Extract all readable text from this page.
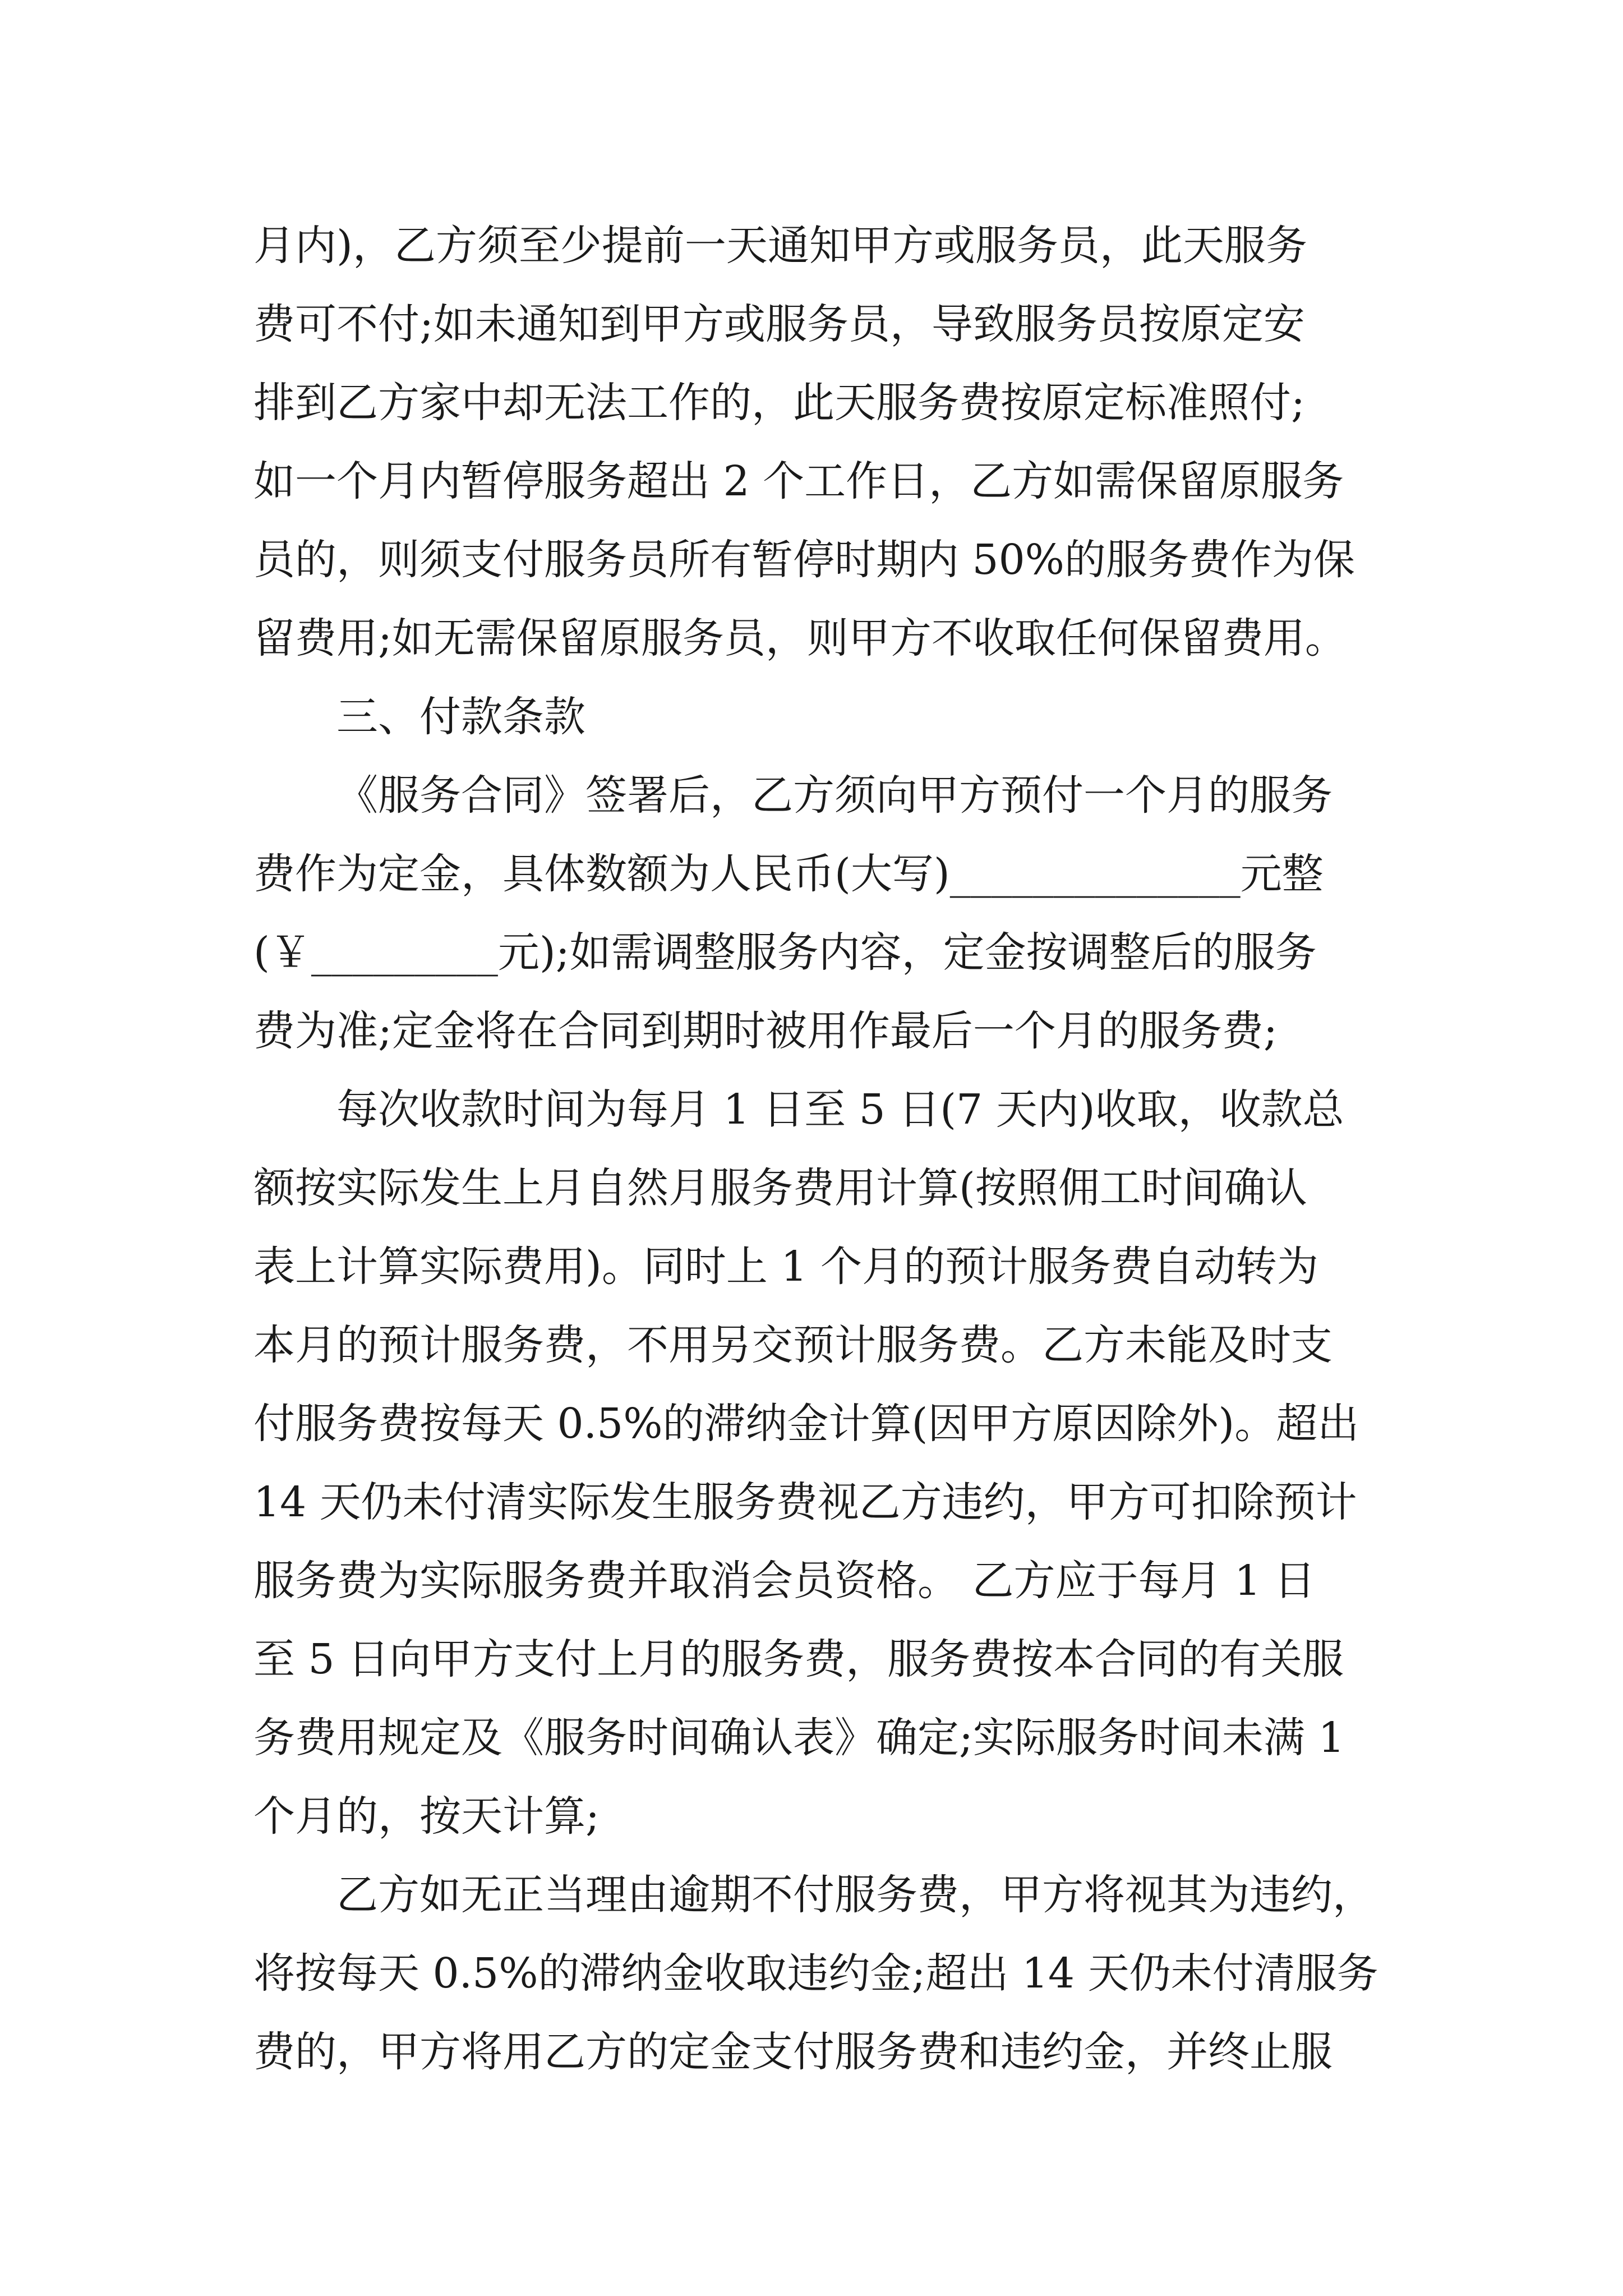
月内)，乙方须至少提前一天通知甲方或服务员，此天服务
费可不付;如未通知到甲方或服务员，导致服务员按原定安
排到乙方家中却无法工作的，此天服务费按原定标准照付;
如一个月内暂停服务超出 2 个工作日，乙方如需保留原服务
员的，则须支付服务员所有暂停时期内 50%的服务费作为保
留费用;如无需保留原服务员，则甲方不收取任何保留费用。
三、付款条款
《服务合同》签署后，乙方须向甲方预付一个月的服务
费作为定金，具体数额为人民币(大写)______________元整
(￥_________元);如需调整服务内容，定金按调整后的服务
费为准;定金将在合同到期时被用作最后一个月的服务费;
每次收款时间为每月 1 日至 5 日(7 天内)收取，收款总
额按实际发生上月自然月服务费用计算(按照佣工时间确认
表上计算实际费用)。同时上 1 个月的预计服务费自动转为
本月的预计服务费，不用另交预计服务费。乙方未能及时支
付服务费按每天 0.5%的滞纳金计算(因甲方原因除外)。超出
14 天仍未付清实际发生服务费视乙方违约，甲方可扣除预计
服务费为实际服务费并取消会员资格。 乙方应于每月 1 日
至 5 日向甲方支付上月的服务费，服务费按本合同的有关服
务费用规定及《服务时间确认表》确定;实际服务时间未满 1
个月的，按天计算;
乙方如无正当理由逾期不付服务费，甲方将视其为违约，
将按每天 0.5%的滞纳金收取违约金;超出 14 天仍未付清服务
费的，甲方将用乙方的定金支付服务费和违约金，并终止服
